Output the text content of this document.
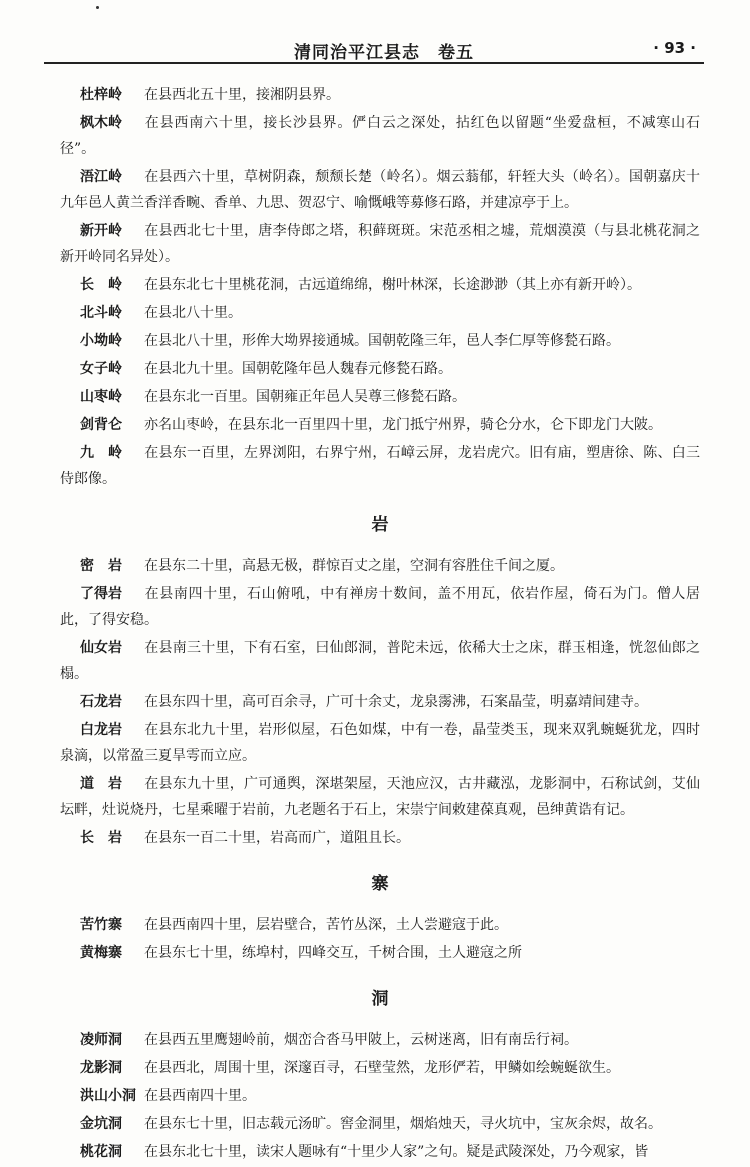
清同治平江县志　卷五	· 93 ·
杜梓岭 在县西北五十里，接湘阴县界。
枫木岭 在县西南六十里，接长沙县界。俨白云之深处，拈红色以留题“坐爱盘桓，不减寒山石径”。
浯江岭 在县西六十里，草树阴森，颓颓长楚（岭名）。烟云蓊郁，轩轾大头（岭名）。国朝嘉庆十九年邑人黄兰香洋香畹、香单、九思、贺忍宁、喻慨峨等募修石路，并建凉亭于上。
新开岭 在县西北七十里，唐李侍郎之塔，积藓斑斑。宋范丞相之墟，荒烟漠漠（与县北桃花洞之新开岭同名异处）。
长　岭 在县东北七十里桃花洞，古远道绵绵，榭叶林深，长途渺渺（其上亦有新开岭）。
北斗岭 在县北八十里。
小坳岭 在县北八十里，形侔大坳界接通城。国朝乾隆三年，邑人李仁厚等修甃石路。
女子岭 在县北九十里。国朝乾隆年邑人魏春元修甃石路。
山枣岭 在县东北一百里。国朝雍正年邑人吴尊三修甃石路。
剑背仑 亦名山枣岭，在县东北一百里四十里，龙门抵宁州界，骑仑分水，仑下即龙门大陂。
九　岭 在县东一百里，左界浏阳，右界宁州，石嶂云屏，龙岩虎穴。旧有庙，塑唐徐、陈、白三侍郎像。
岩
密　岩 在县东二十里，高悬无极，群惊百丈之崖，空洞有容胜住千间之厦。
了得岩 在县南四十里，石山俯吼，中有禅房十数间，盖不用瓦，依岩作屋，倚石为门。僧人居此，了得安稳。
仙女岩 在县南三十里，下有石室，曰仙郎洞，普陀未远，依稀大士之床，群玉相逢，恍忽仙郎之榻。
石龙岩 在县东四十里，高可百余寻，广可十余丈，龙泉霶沸，石案晶莹，明嘉靖间建寺。
白龙岩 在县东北九十里，岩形似屋，石色如煤，中有一卷，晶莹类玉，现来双乳蜿蜒犹龙，四时泉滴，以常盈三夏旱雩而立应。
道　岩 在县东九十里，广可通舆，深堪架屋，天池应汉，古井藏泓，龙影洞中，石称试剑，艾仙坛畔，灶说烧丹，七星乘曜于岩前，九老题名于石上，宋崇宁间敕建葆真观，邑绅黄诰有记。
长　岩 在县东一百二十里，岩高而广，道阻且长。
寨
苦竹寨 在县西南四十里，层岩壁合，苦竹丛深，土人尝避寇于此。
黄梅寨 在县东七十里，练埠村，四峰交互，千树合围，土人避寇之所
洞
凌师洞 在县西五里鹰翅岭前，烟峦合沓马甲陂上，云树迷离，旧有南岳行祠。
龙影洞 在县西北，周围十里，深邃百寻，石壁莹然，龙形俨若，甲鳞如绘蜿蜒欲生。
洪山小洞 在县西南四十里。
金坑洞 在县东七十里，旧志载元汤旷。窖金洞里，烟焰烛天，寻火坑中，宝灰余烬，故名。
桃花洞 在县东北七十里，读宋人题咏有“十里少人家”之句。疑是武陵深处，乃今观家，皆
